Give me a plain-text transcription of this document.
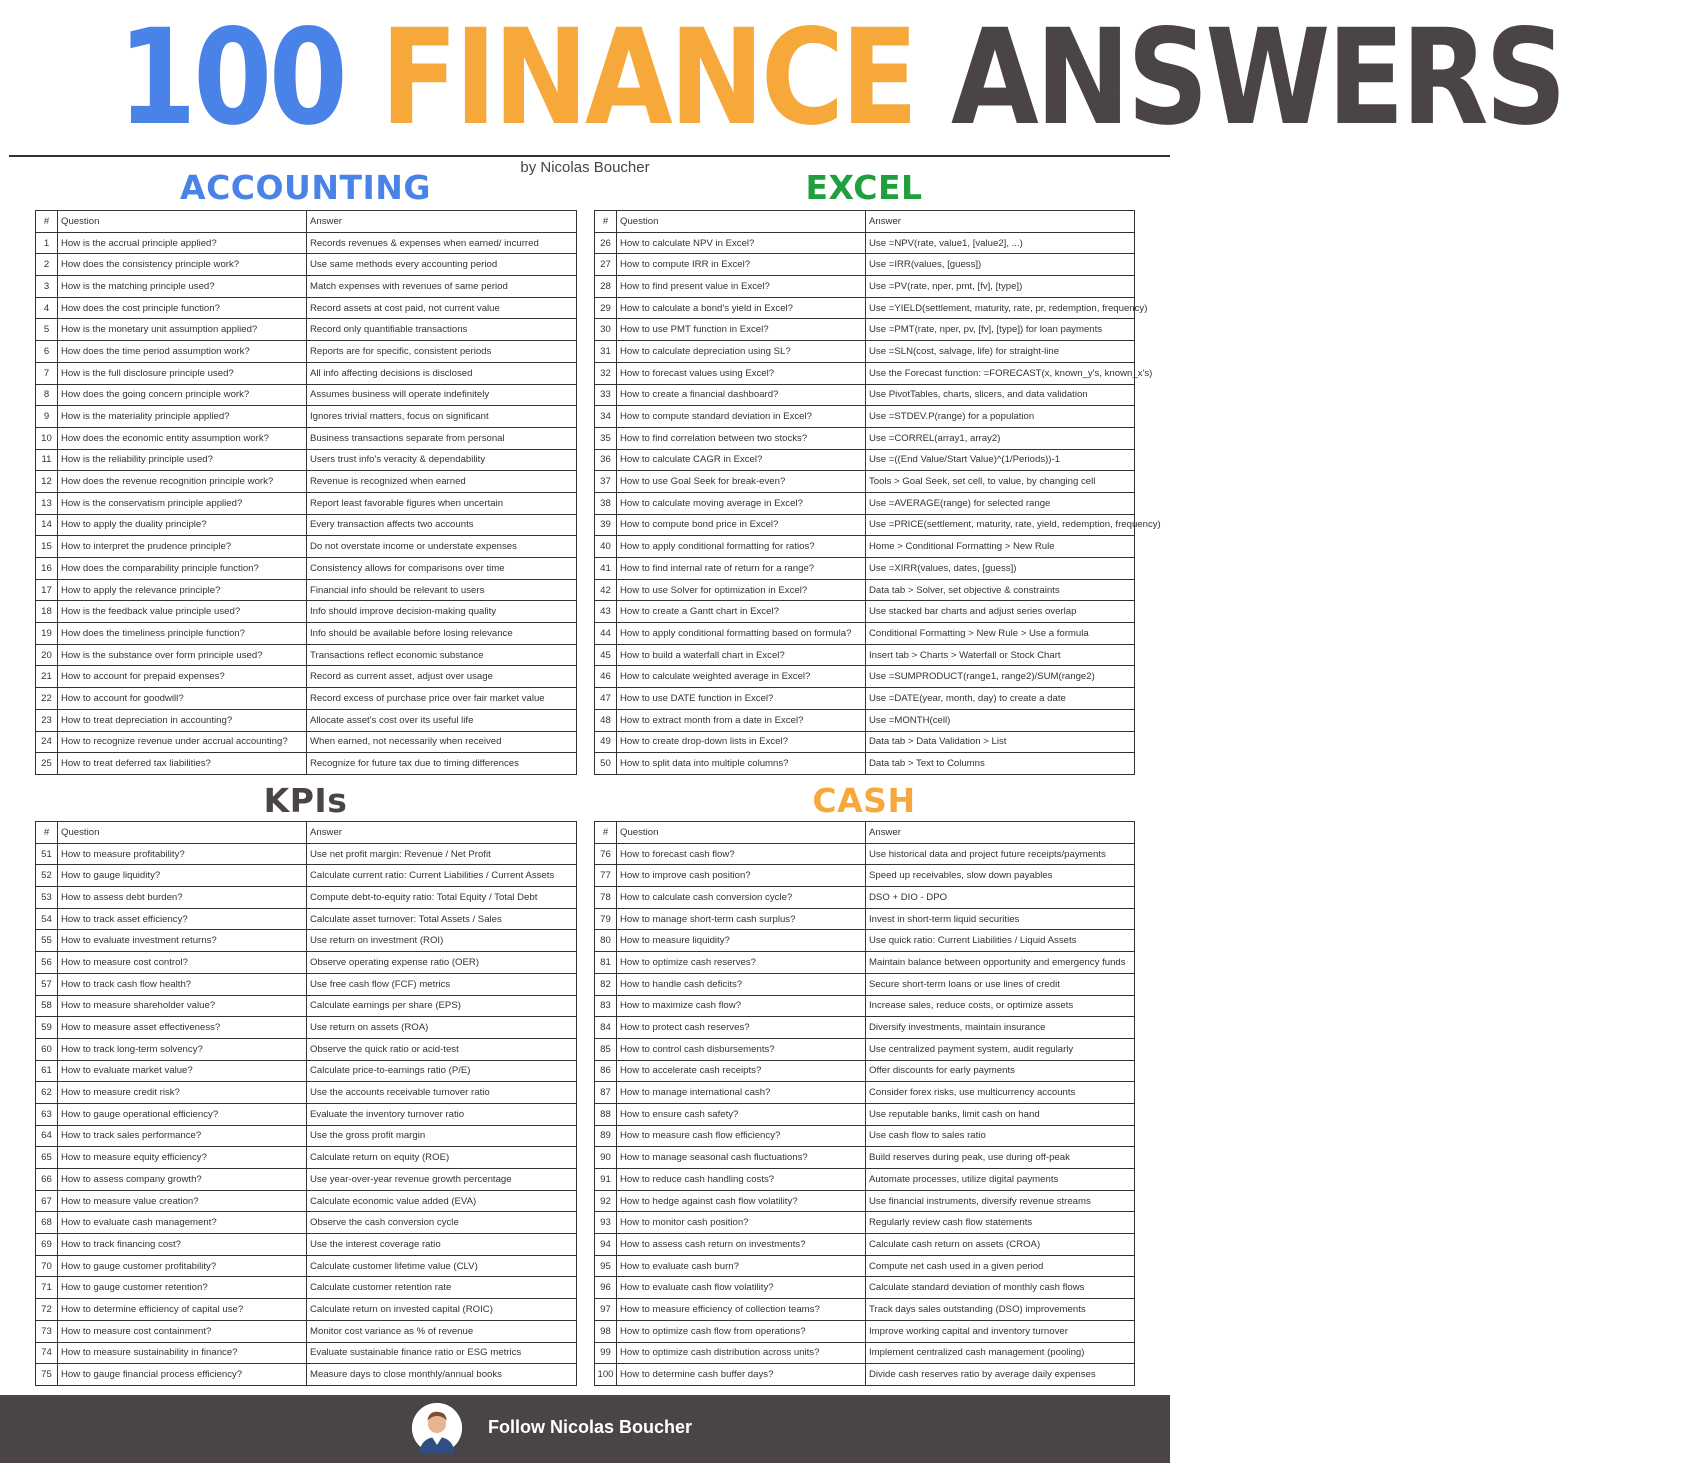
100 FINANCE ANSWERS
by Nicolas Boucher
ACCOUNTING	EXCEL
KPIs	CASH
#	Question	Answer
1	How is the accrual principle applied?	Records revenues & expenses when earned/ incurred
2	How does the consistency principle work?	Use same methods every accounting period
3	How is the matching principle used?	Match expenses with revenues of same period
4	How does the cost principle function?	Record assets at cost paid, not current value
5	How is the monetary unit assumption applied?	Record only quantifiable transactions
6	How does the time period assumption work?	Reports are for specific, consistent periods
7	How is the full disclosure principle used?	All info affecting decisions is disclosed
8	How does the going concern principle work?	Assumes business will operate indefinitely
9	How is the materiality principle applied?	Ignores trivial matters, focus on significant
10	How does the economic entity assumption work?	Business transactions separate from personal
11	How is the reliability principle used?	Users trust info's veracity & dependability
12	How does the revenue recognition principle work?	Revenue is recognized when earned
13	How is the conservatism principle applied?	Report least favorable figures when uncertain
14	How to apply the duality principle?	Every transaction affects two accounts
15	How to interpret the prudence principle?	Do not overstate income or understate expenses
16	How does the comparability principle function?	Consistency allows for comparisons over time
17	How to apply the relevance principle?	Financial info should be relevant to users
18	How is the feedback value principle used?	Info should improve decision-making quality
19	How does the timeliness principle function?	Info should be available before losing relevance
20	How is the substance over form principle used?	Transactions reflect economic substance
21	How to account for prepaid expenses?	Record as current asset, adjust over usage
22	How to account for goodwill?	Record excess of purchase price over fair market value
23	How to treat depreciation in accounting?	Allocate asset's cost over its useful life
24	How to recognize revenue under accrual accounting?	When earned, not necessarily when received
25	How to treat deferred tax liabilities?	Recognize for future tax due to timing differences
#	Question	Answer
26	How to calculate NPV in Excel?	Use =NPV(rate, value1, [value2], ...)
27	How to compute IRR in Excel?	Use =IRR(values, [guess])
28	How to find present value in Excel?	Use =PV(rate, nper, pmt, [fv], [type])
29	How to calculate a bond's yield in Excel?	Use =YIELD(settlement, maturity, rate, pr, redemption, frequency)
30	How to use PMT function in Excel?	Use =PMT(rate, nper, pv, [fv], [type]) for loan payments
31	How to calculate depreciation using SL?	Use =SLN(cost, salvage, life) for straight-line
32	How to forecast values using Excel?	Use the Forecast function: =FORECAST(x, known_y's, known_x's)
33	How to create a financial dashboard?	Use PivotTables, charts, slicers, and data validation
34	How to compute standard deviation in Excel?	Use =STDEV.P(range) for a population
35	How to find correlation between two stocks?	Use =CORREL(array1, array2)
36	How to calculate CAGR in Excel?	Use =((End Value/Start Value)^(1/Periods))-1
37	How to use Goal Seek for break-even?	Tools > Goal Seek, set cell, to value, by changing cell
38	How to calculate moving average in Excel?	Use =AVERAGE(range) for selected range
39	How to compute bond price in Excel?	Use =PRICE(settlement, maturity, rate, yield, redemption, frequency)
40	How to apply conditional formatting for ratios?	Home > Conditional Formatting > New Rule
41	How to find internal rate of return for a range?	Use =XIRR(values, dates, [guess])
42	How to use Solver for optimization in Excel?	Data tab > Solver, set objective & constraints
43	How to create a Gantt chart in Excel?	Use stacked bar charts and adjust series overlap
44	How to apply conditional formatting based on formula?	Conditional Formatting > New Rule > Use a formula
45	How to build a waterfall chart in Excel?	Insert tab > Charts > Waterfall or Stock Chart
46	How to calculate weighted average in Excel?	Use =SUMPRODUCT(range1, range2)/SUM(range2)
47	How to use DATE function in Excel?	Use =DATE(year, month, day) to create a date
48	How to extract month from a date in Excel?	Use =MONTH(cell)
49	How to create drop-down lists in Excel?	Data tab > Data Validation > List
50	How to split data into multiple columns?	Data tab > Text to Columns
#	Question	Answer
51	How to measure profitability?	Use net profit margin: Revenue / Net Profit
52	How to gauge liquidity?	Calculate current ratio: Current Liabilities / Current Assets
53	How to assess debt burden?	Compute debt-to-equity ratio: Total Equity / Total Debt
54	How to track asset efficiency?	Calculate asset turnover: Total Assets / Sales
55	How to evaluate investment returns?	Use return on investment (ROI)
56	How to measure cost control?	Observe operating expense ratio (OER)
57	How to track cash flow health?	Use free cash flow (FCF) metrics
58	How to measure shareholder value?	Calculate earnings per share (EPS)
59	How to measure asset effectiveness?	Use return on assets (ROA)
60	How to track long-term solvency?	Observe the quick ratio or acid-test
61	How to evaluate market value?	Calculate price-to-earnings ratio (P/E)
62	How to measure credit risk?	Use the accounts receivable turnover ratio
63	How to gauge operational efficiency?	Evaluate the inventory turnover ratio
64	How to track sales performance?	Use the gross profit margin
65	How to measure equity efficiency?	Calculate return on equity (ROE)
66	How to assess company growth?	Use year-over-year revenue growth percentage
67	How to measure value creation?	Calculate economic value added (EVA)
68	How to evaluate cash management?	Observe the cash conversion cycle
69	How to track financing cost?	Use the interest coverage ratio
70	How to gauge customer profitability?	Calculate customer lifetime value (CLV)
71	How to gauge customer retention?	Calculate customer retention rate
72	How to determine efficiency of capital use?	Calculate return on invested capital (ROIC)
73	How to measure cost containment?	Monitor cost variance as % of revenue
74	How to measure sustainability in finance?	Evaluate sustainable finance ratio or ESG metrics
75	How to gauge financial process efficiency?	Measure days to close monthly/annual books
#	Question	Answer
76	How to forecast cash flow?	Use historical data and project future receipts/payments
77	How to improve cash position?	Speed up receivables, slow down payables
78	How to calculate cash conversion cycle?	DSO + DIO - DPO
79	How to manage short-term cash surplus?	Invest in short-term liquid securities
80	How to measure liquidity?	Use quick ratio: Current Liabilities / Liquid Assets
81	How to optimize cash reserves?	Maintain balance between opportunity and emergency funds
82	How to handle cash deficits?	Secure short-term loans or use lines of credit
83	How to maximize cash flow?	Increase sales, reduce costs, or optimize assets
84	How to protect cash reserves?	Diversify investments, maintain insurance
85	How to control cash disbursements?	Use centralized payment system, audit regularly
86	How to accelerate cash receipts?	Offer discounts for early payments
87	How to manage international cash?	Consider forex risks, use multicurrency accounts
88	How to ensure cash safety?	Use reputable banks, limit cash on hand
89	How to measure cash flow efficiency?	Use cash flow to sales ratio
90	How to manage seasonal cash fluctuations?	Build reserves during peak, use during off-peak
91	How to reduce cash handling costs?	Automate processes, utilize digital payments
92	How to hedge against cash flow volatility?	Use financial instruments, diversify revenue streams
93	How to monitor cash position?	Regularly review cash flow statements
94	How to assess cash return on investments?	Calculate cash return on assets (CROA)
95	How to evaluate cash burn?	Compute net cash used in a given period
96	How to evaluate cash flow volatility?	Calculate standard deviation of monthly cash flows
97	How to measure efficiency of collection teams?	Track days sales outstanding (DSO) improvements
98	How to optimize cash flow from operations?	Improve working capital and inventory turnover
99	How to optimize cash distribution across units?	Implement centralized cash management (pooling)
100	How to determine cash buffer days?	Divide cash reserves ratio by average daily expenses
Follow Nicolas Boucher
